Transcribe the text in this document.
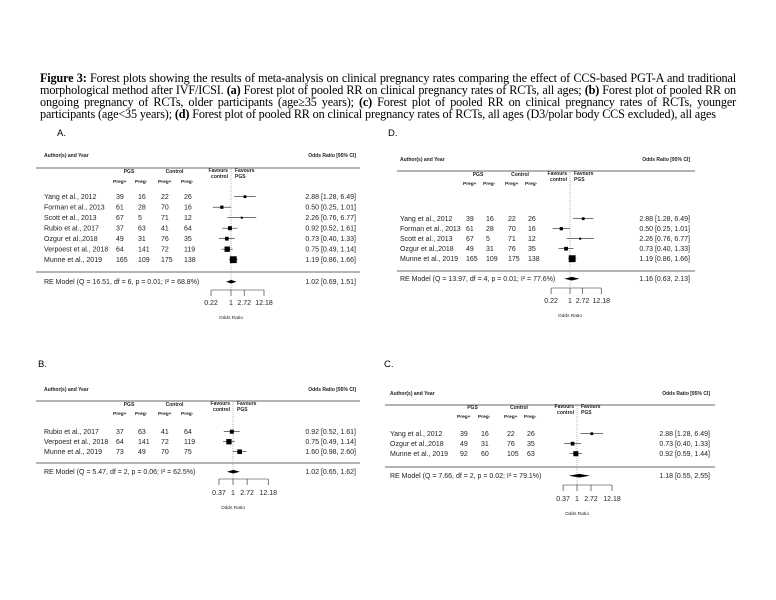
Figure 3: Forest plots showing the results of meta-analysis on clinical pregnancy rates comparing the effect of CCS-based PGT-A and traditional morphological method after IVF/ICSI. (a) Forest plot of pooled RR on clinical pregnancy rates of RCTs, all ages; (b) Forest plot of pooled RR on ongoing pregnancy of RCTs, older participants (age≥35 years); (c) Forest plot of pooled RR on clinical pregnancy rates of RCTs, younger participants (age<35 years); (d) Forest plot of pooled RR on clinical pregnancy rates of RCTs, all ages (D3/polar body CCS excluded), all ages

A.
Author(s) and Year	Odds Ratio [95% CI]
PGS	Control
Preg+ Preg- Preg+ Preg-
Favours
control
Favours
PGS
Yang et al., 2012	39 16 22 26	2.88 [1.28, 6.49]
Forman et al., 2013 61 28 70 16	0.50 [0.25, 1.01]
Scott et al., 2013	67 5	71 12	2.26 [0.76, 6.77]
Rubio et al., 2017 37 63 41 64	0.92 [0.52, 1.61]
Ozgur et al.,2018	49 31 76 35	0.73 [0.40, 1.33]
Verpoest et al., 2018 64 141 72 119	0.75 [0.49, 1.14]
Munne et al., 2019 165 109 175 138	1.19 [0.86, 1.66]
RE Model (Q = 16.51, df = 6, p = 0.01; I² = 68.8%)	1.02 [0.69, 1.51]
0.22 1 2.72 12.18
Odds Ratio
D.
Author(s) and Year	Odds Ratio [95% CI]
PGS	Control
Preg+ Preg- Preg+ Preg-
Favours
control
Favours
PGS
Yang et al., 2012 39 16 22 26	2.88 [1.28, 6.49]
Forman et al., 2013 61 28 70 16	0.50 [0.25, 1.01]
Scott et al., 2013 67 5	71 12	2.26 [0.76, 6.77]
Ozgur et al.,2018 49 31 76 35	0.73 [0.40, 1.33]
Munne et al., 2019 165 109 175 138	1.19 [0.86, 1.66]
RE Model (Q = 13.97, df = 4, p = 0.01; I² = 77.6%)	1.16 [0.63, 2.13]
0.22 1 2.72 12.18
Odds Ratio
B.
Author(s) and Year	Odds Ratio [95% CI]
PGS	Control
Preg+ Preg- Preg+ Preg-
Favours
control
Favours
PGS
Rubio et al., 2017 37 63 41 64	0.92 [0.52, 1.61]
Verpoest et al., 2018 64 141 72 119	0.75 [0.49, 1.14]
Munne et al., 2019 73 49 70 75	1.60 [0.98, 2.60]
RE Model (Q = 5.47, df = 2, p = 0.06; I² = 62.5%)	1.02 [0.65, 1.62]
0.37 1 2.72 12.18
Odds Ratio
C.
Author(s) and Year	Odds Ratio [95% CI]
PGS	Control
Preg+ Preg-	Preg+ Preg-
Favours
control
Favours
PGS
Yang et al., 2012	39 16	22 26	2.88 [1.28, 6.49]
Ozgur et al.,2018 49 31	76 35	0.73 [0.40, 1.33]
Munne et al., 2019 92 60	105 63	0.92 [0.59, 1.44]
RE Model (Q = 7.66, df = 2, p = 0.02; I² = 79.1%)	1.18 [0.55, 2.55]
0.37 1 2.72 12.18
Odds Ratio
